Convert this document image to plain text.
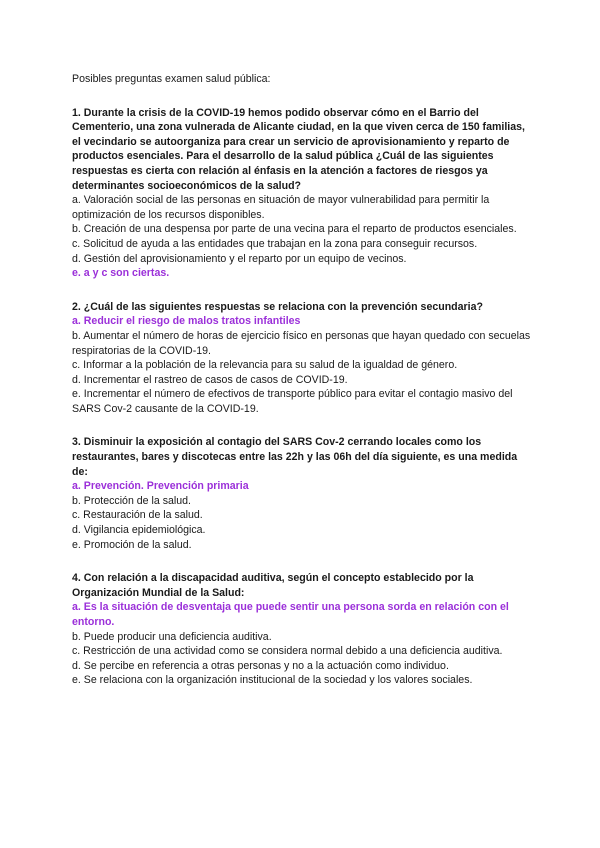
Posibles preguntas examen salud pública:

1. Durante la crisis de la COVID-19 hemos podido observar cómo en el Barrio del Cementerio, una zona vulnerada de Alicante ciudad, en la que viven cerca de 150 familias, el vecindario se autoorganiza para crear un servicio de aprovisionamiento y reparto de productos esenciales. Para el desarrollo de la salud pública ¿Cuál de las siguientes respuestas es cierta con relación al énfasis en la atención a factores de riesgos ya determinantes socioeconómicos de la salud?

a. Valoración social de las personas en situación de mayor vulnerabilidad para permitir la optimización de los recursos disponibles.

b. Creación de una despensa por parte de una vecina para el reparto de productos esenciales.

c. Solicitud de ayuda a las entidades que trabajan en la zona para conseguir recursos.

d. Gestión del aprovisionamiento y el reparto por un equipo de vecinos.

e. a y c son ciertas.

2. ¿Cuál de las siguientes respuestas se relaciona con la prevención secundaria?

a. Reducir el riesgo de malos tratos infantiles

b. Aumentar el número de horas de ejercicio físico en personas que hayan quedado con secuelas respiratorias de la COVID-19.

c. Informar a la población de la relevancia para su salud de la igualdad de género.

d. Incrementar el rastreo de casos de casos de COVID-19.

e. Incrementar el número de efectivos de transporte público para evitar el contagio masivo del SARS Cov-2 causante de la COVID-19.

3. Disminuir la exposición al contagio del SARS Cov-2 cerrando locales como los restaurantes, bares y discotecas entre las 22h y las 06h del día siguiente, es una medida de:

a. Prevención. Prevención primaria

b. Protección de la salud.

c. Restauración de la salud.

d. Vigilancia epidemiológica.

e. Promoción de la salud.

4. Con relación a la discapacidad auditiva, según el concepto establecido por la Organización Mundial de la Salud:

a. Es la situación de desventaja que puede sentir una persona sorda en relación con el entorno.

b. Puede producir una deficiencia auditiva.

c. Restricción de una actividad como se considera normal debido a una deficiencia auditiva.

d. Se percibe en referencia a otras personas y no a la actuación como individuo.

e. Se relaciona con la organización institucional de la sociedad y los valores sociales.
